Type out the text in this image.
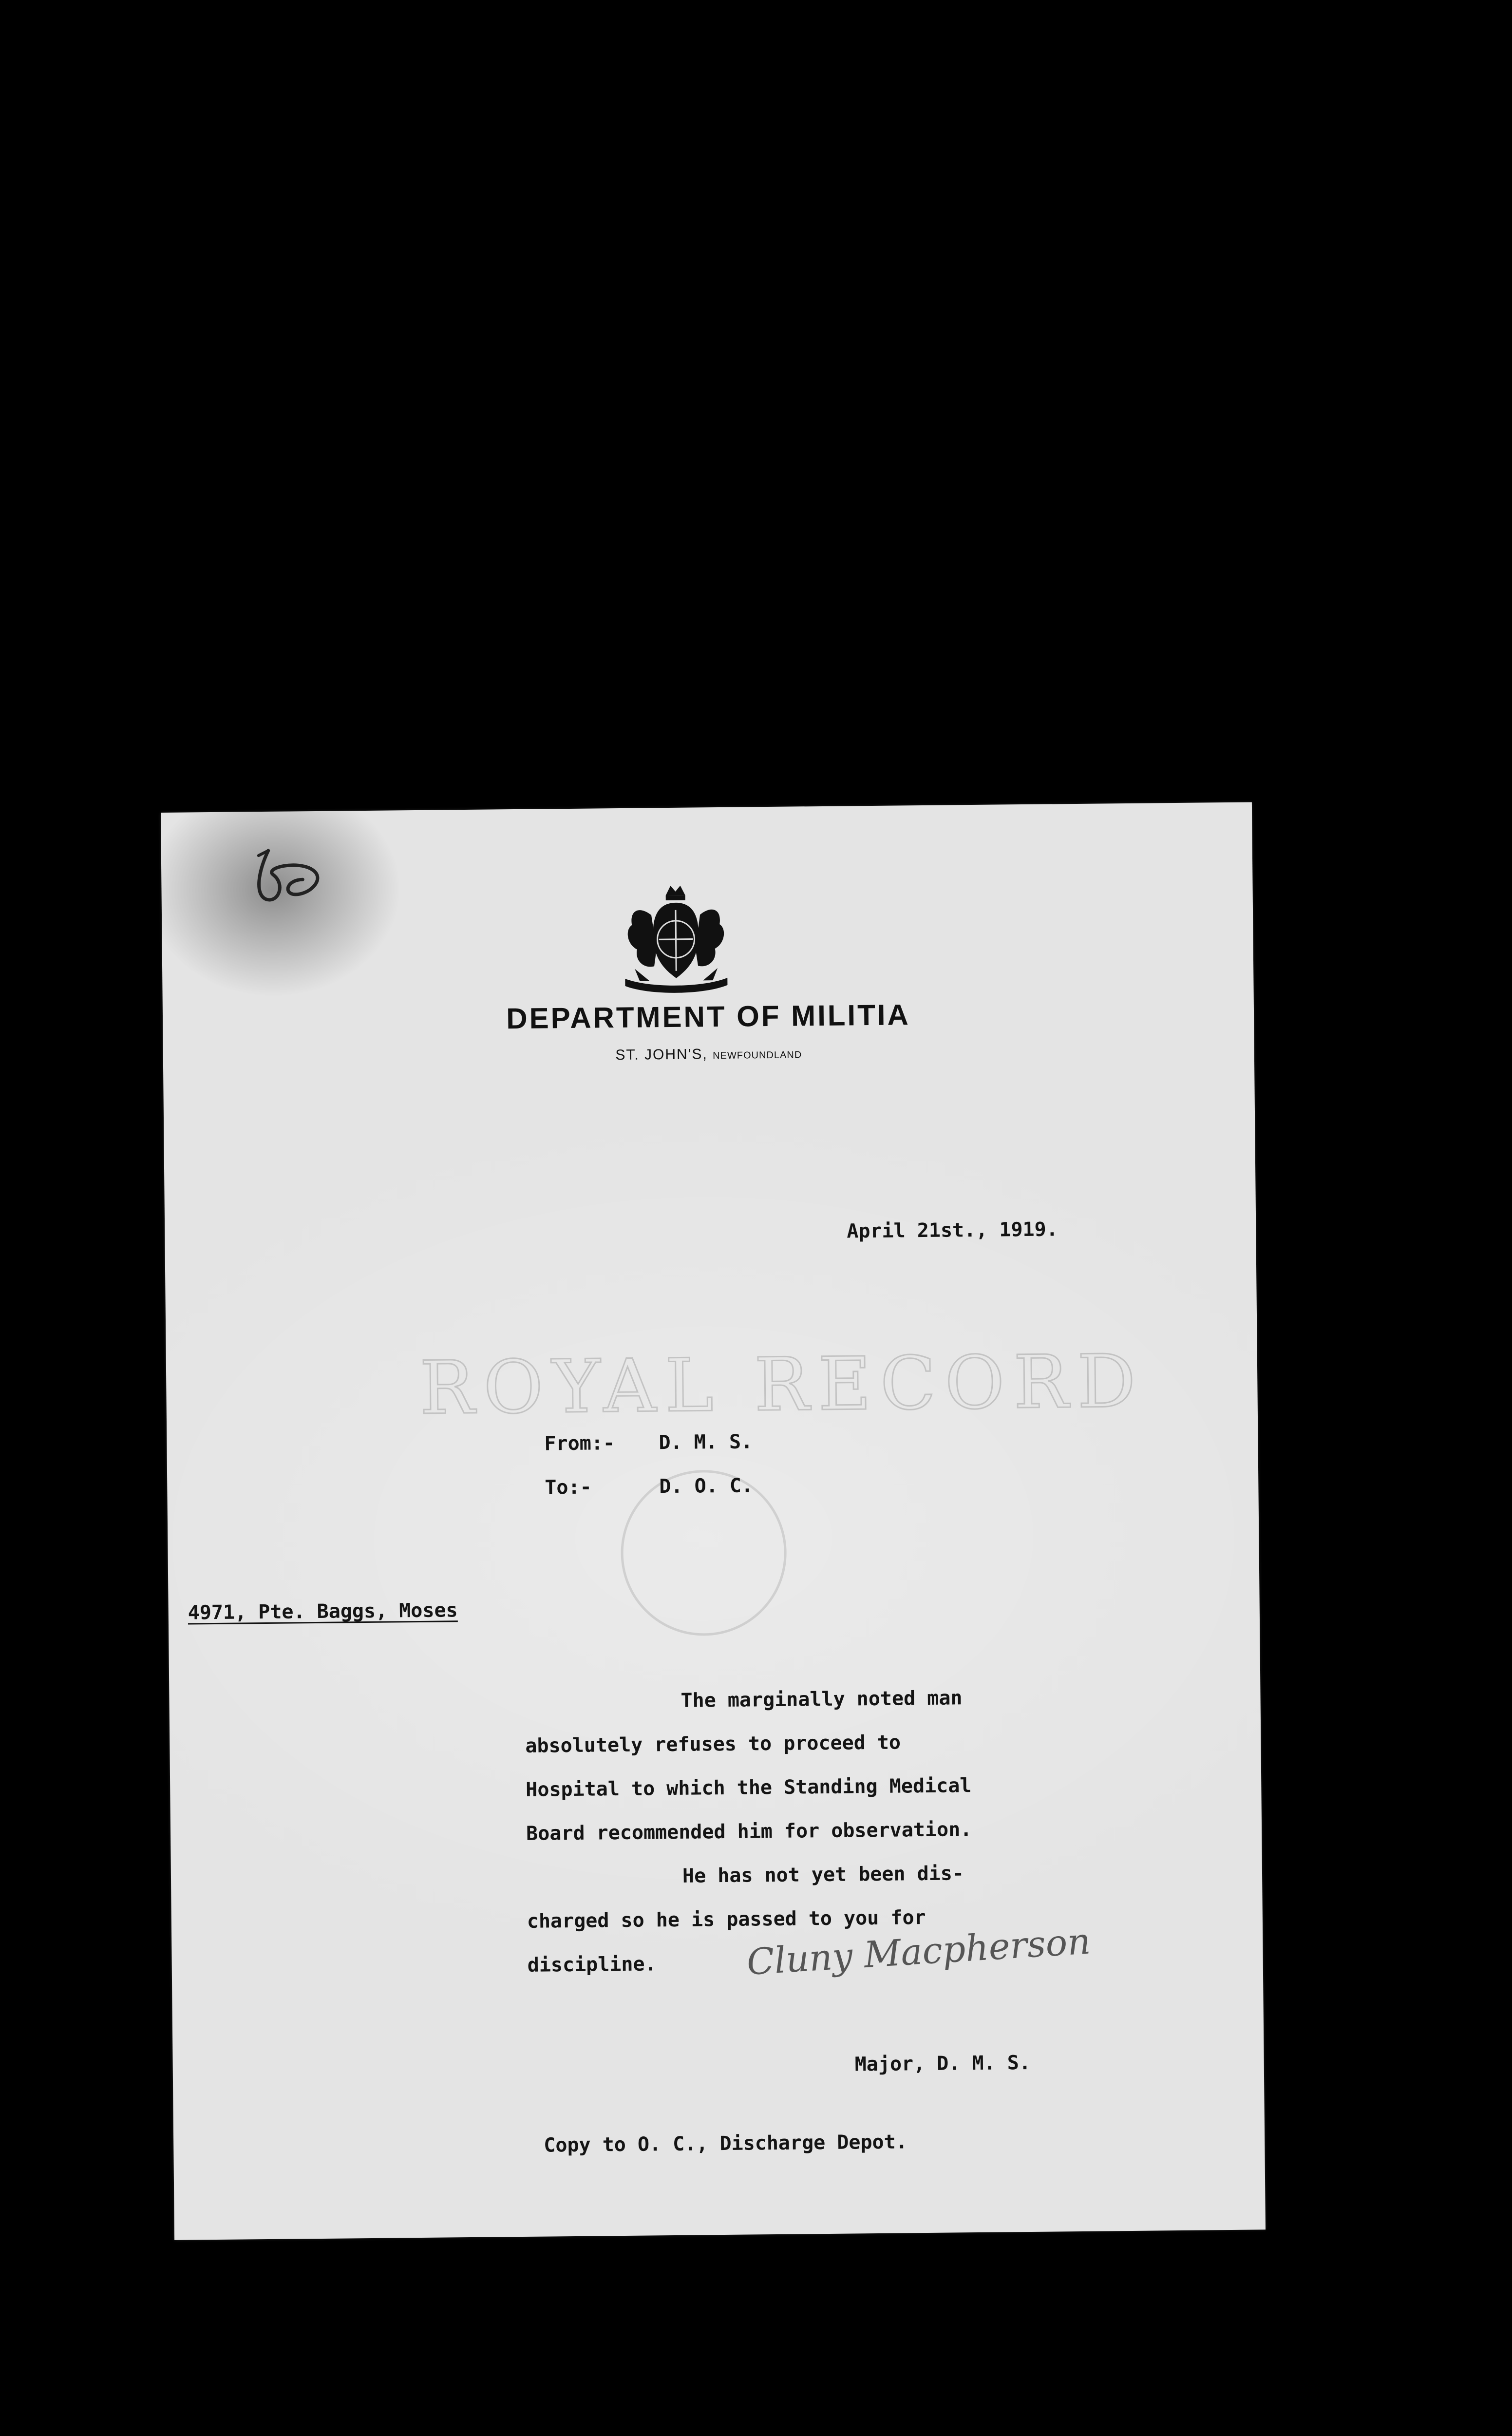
ROYAL RECORD
DEPARTMENT OF MILITIA
ST. JOHN'S, NEWFOUNDLAND
April 21st., 1919.
From:- D. M. S.
To:-	D. O. C.
4971, Pte. Baggs, Moses
The marginally noted man
absolutely refuses to proceed to
Hospital to which the Standing Medical
Board recommended him for observation.
He has not yet been dis-
charged so he is passed to you for
discipline. Cluny Macpherson
Major, D. M. S.
Copy to O. C., Discharge Depot.
